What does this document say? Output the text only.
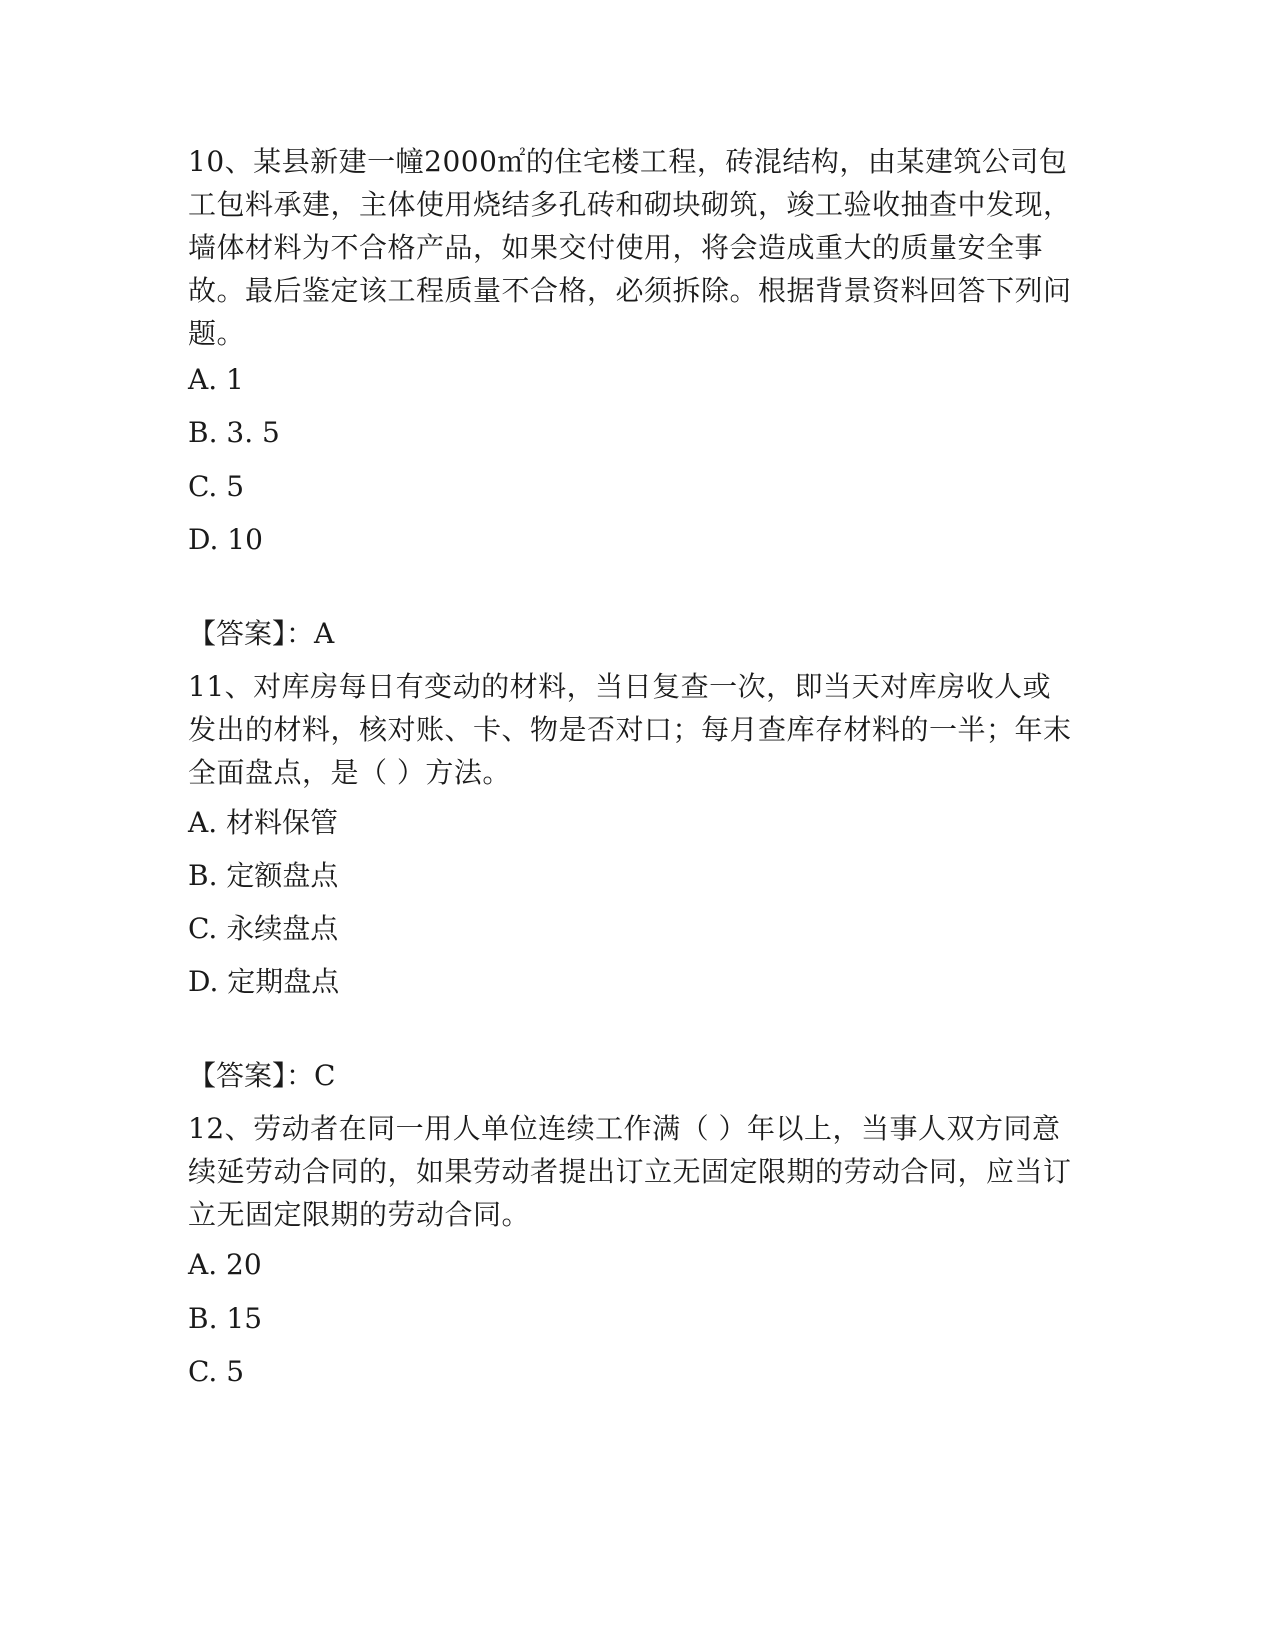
10、某县新建一幢2000㎡的住宅楼工程，砖混结构，由某建筑公司包工包料承建，主体使用烧结多孔砖和砌块砌筑，竣工验收抽查中发现，墙体材料为不合格产品，如果交付使用，将会造成重大的质量安全事故。最后鉴定该工程质量不合格，必须拆除。根据背景资料回答下列问题。

A. 1

B. 3. 5

C. 5

D. 10

【答案】：A

11、对库房每日有变动的材料，当日复查一次，即当天对库房收人或发出的材料，核对账、卡、物是否对口；每月查库存材料的一半；年末全面盘点，是（ ）方法。

A. 材料保管

B. 定额盘点

C. 永续盘点

D. 定期盘点

【答案】：C

12、劳动者在同一用人单位连续工作满（ ）年以上，当事人双方同意续延劳动合同的，如果劳动者提出订立无固定限期的劳动合同，应当订立无固定限期的劳动合同。

A. 20

B. 15

C. 5
